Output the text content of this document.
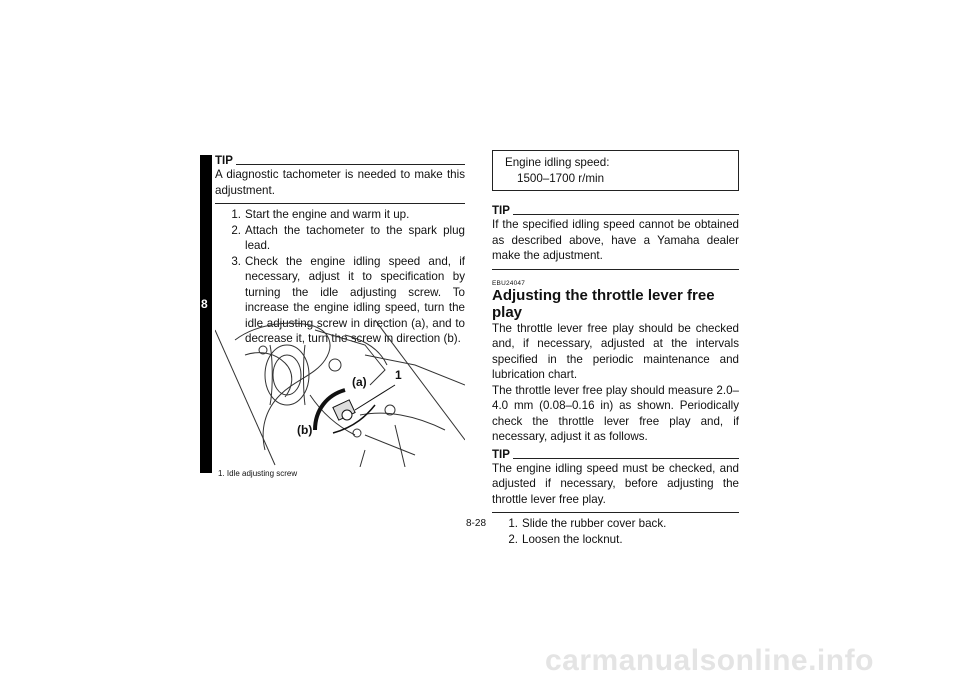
8
TIP
A diagnostic tachometer is needed to make this adjustment.
1. Start the engine and warm it up.
2. Attach the tachometer to the spark plug lead.
3. Check the engine idling speed and, if necessary, adjust it to specification by turning the idle adjusting screw. To increase the engine idling speed, turn the idle adjusting screw in direction (a), and to decrease it, turn the screw in direction (b).
(a)
(b)
1
1. Idle adjusting screw
Engine idling speed:
1500–1700 r/min
TIP
If the specified idling speed cannot be obtained as described above, have a Yamaha dealer make the adjustment.
EBU24047
Adjusting the throttle lever free play
The throttle lever free play should be checked and, if necessary, adjusted at the intervals specified in the periodic maintenance and lubrication chart.
The throttle lever free play should measure 2.0–4.0 mm (0.08–0.16 in) as shown. Periodically check the throttle lever free play and, if necessary, adjust it as follows.
TIP
The engine idling speed must be checked, and adjusted if necessary, before adjusting the throttle lever free play.
1. Slide the rubber cover back.
2. Loosen the locknut.
8-28
carmanualsonline.info
